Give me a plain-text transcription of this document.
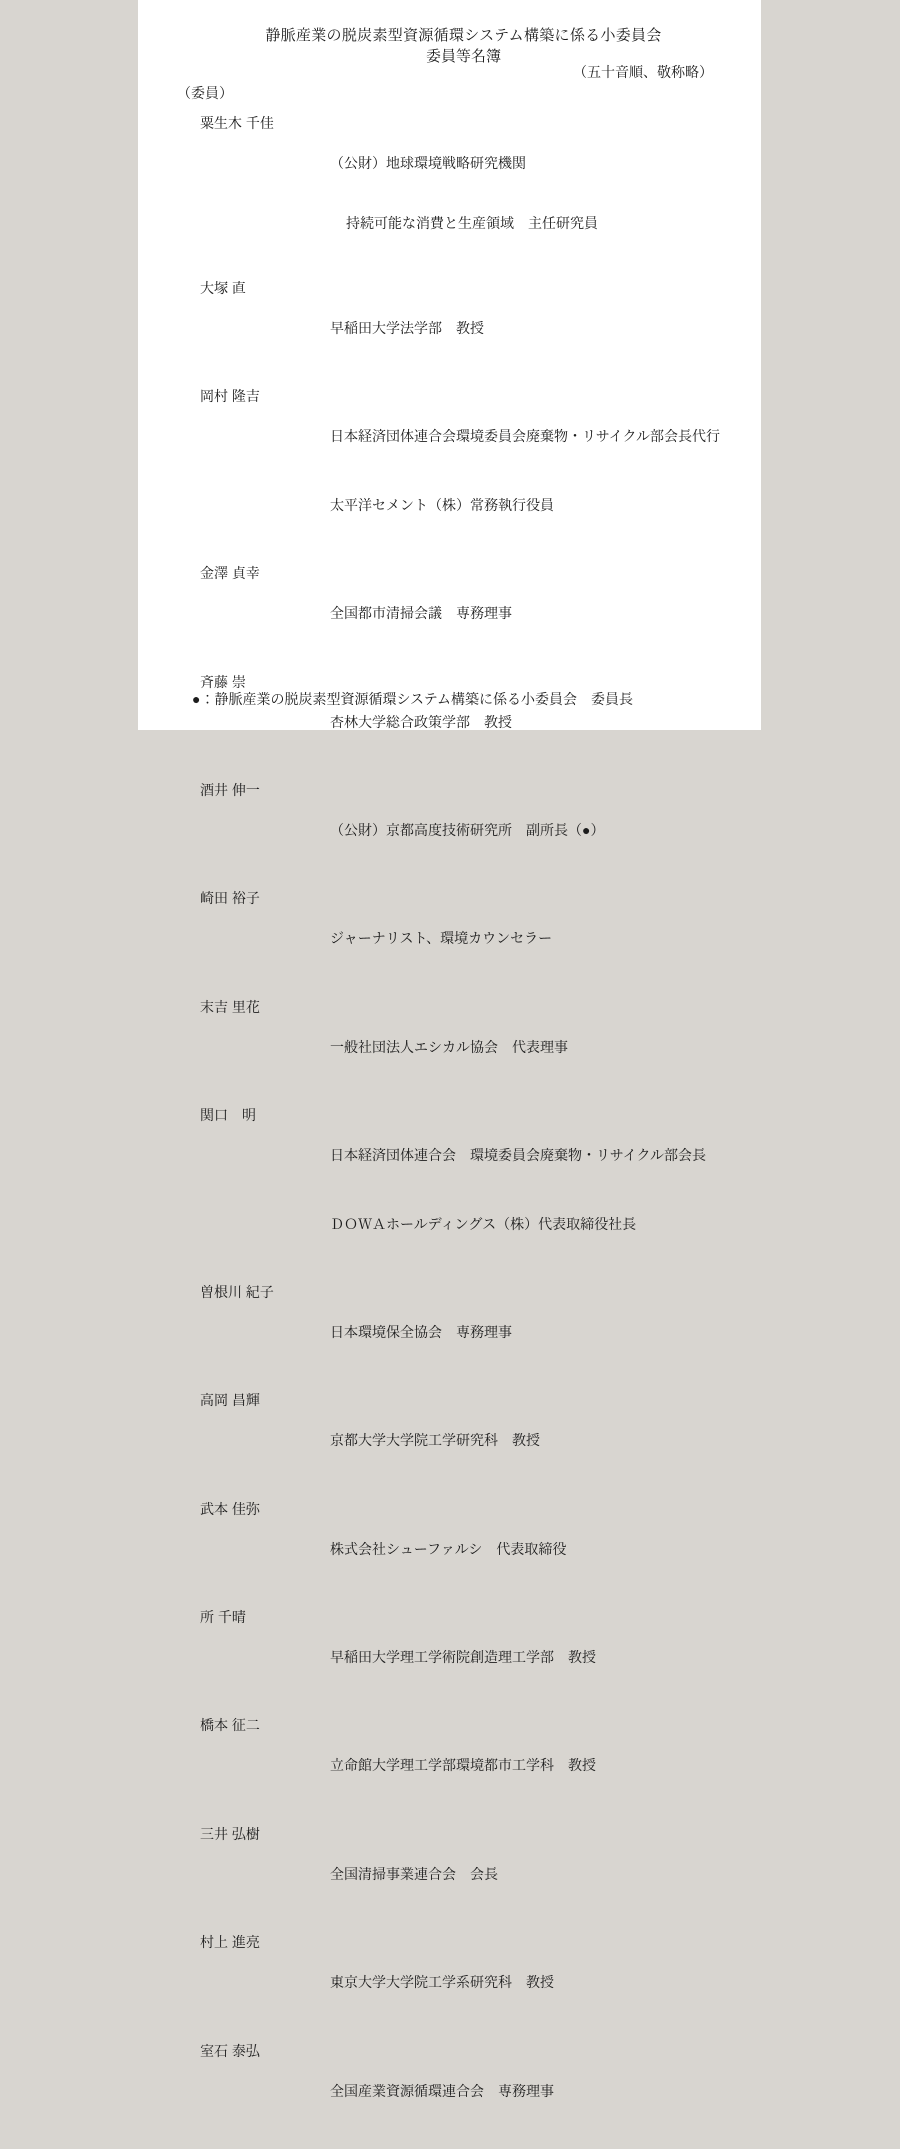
静脈産業の脱炭素型資源循環システム構築に係る小委員会
委員等名簿
（五十音順、敬称略）
（委員）
粟生木 千佳

（公財）地球環境戦略研究機関

持続可能な消費と生産領域　主任研究員

大塚 直

早稲田大学法学部　教授

岡村 隆吉

日本経済団体連合会環境委員会廃棄物・リサイクル部会長代行

太平洋セメント（株）常務執行役員

金澤 貞幸

全国都市清掃会議　専務理事

斉藤 崇

杏林大学総合政策学部　教授

酒井 伸一

（公財）京都高度技術研究所　副所長（●）

崎田 裕子

ジャーナリスト、環境カウンセラー

末吉 里花

一般社団法人エシカル協会　代表理事

関口　明

日本経済団体連合会　環境委員会廃棄物・リサイクル部会長

ＤＯＷＡホールディングス（株）代表取締役社長

曽根川 紀子

日本環境保全協会　専務理事

高岡 昌輝

京都大学大学院工学研究科　教授

武本 佳弥

株式会社シューファルシ　代表取締役

所 千晴

早稲田大学理工学術院創造理工学部　教授

橋本 征二

立命館大学理工学部環境都市工学科　教授

三井 弘樹

全国清掃事業連合会　会長

村上 進亮

東京大学大学院工学系研究科　教授

室石 泰弘

全国産業資源循環連合会　専務理事

●：静脈産業の脱炭素型資源循環システム構築に係る小委員会　委員長
